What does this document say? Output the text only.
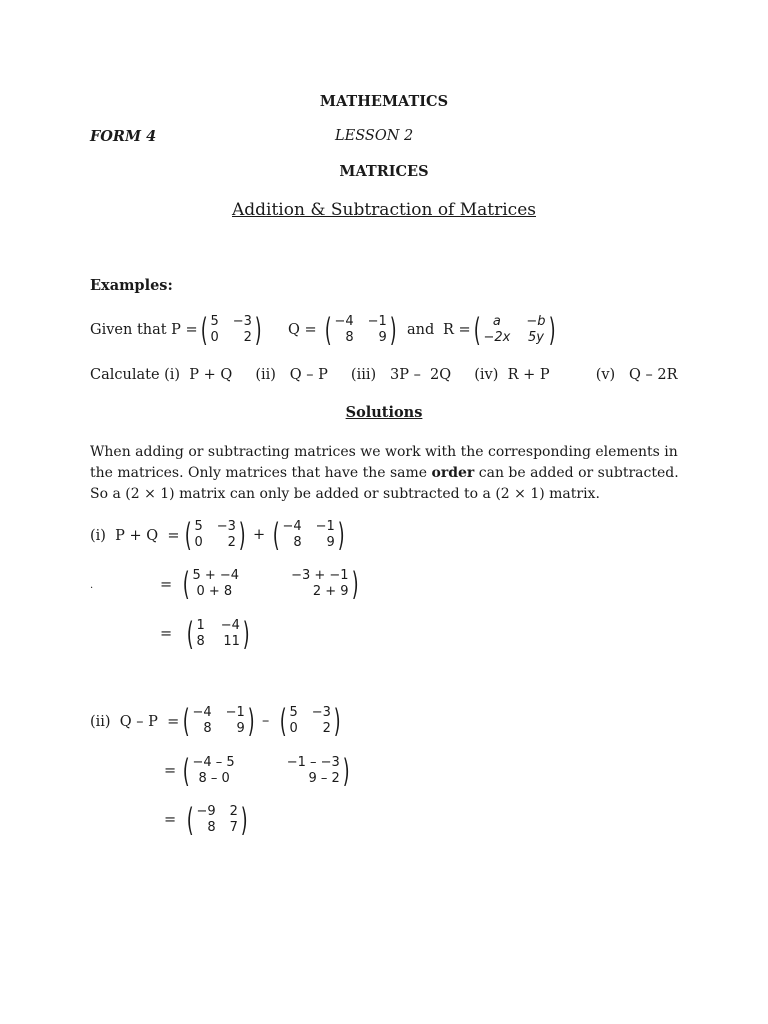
MATHEMATICS
FORM 4	LESSON 2
MATRICES
Addition & Subtraction of Matrices
Examples:
Given that P = ( 5 −3
0	2 ) Q = ( −4 −1
8	9 ) and R = ( a	−b
−2x 5y )
Calculate (i)  P + Q     (ii)   Q – P     (iii)   3P –  2Q     (iv)  R + P          (v)   Q – 2R
Solutions
When adding or subtracting matrices we work with the corresponding elements in
the matrices. Only matrices that have the same order can be added or subtracted.
So a (2 × 1) matrix can only be added or subtracted to a (2 × 1) matrix.
(i)  P + Q  = ( 5 −3
0	2 ) + ( −4 −1
8	9 )
.	= ( 5 + −4	−3 + −1
0 + 8	2 + 9 )
= ( 1 −4
8 11 )
(ii)  Q – P  = ( −4 −1
8	9 ) – ( 5 −3
0	2 )
= ( −4 – 5	−1 – −3
8 – 0	9 – 2 )
= ( −9 2
8 7 )
